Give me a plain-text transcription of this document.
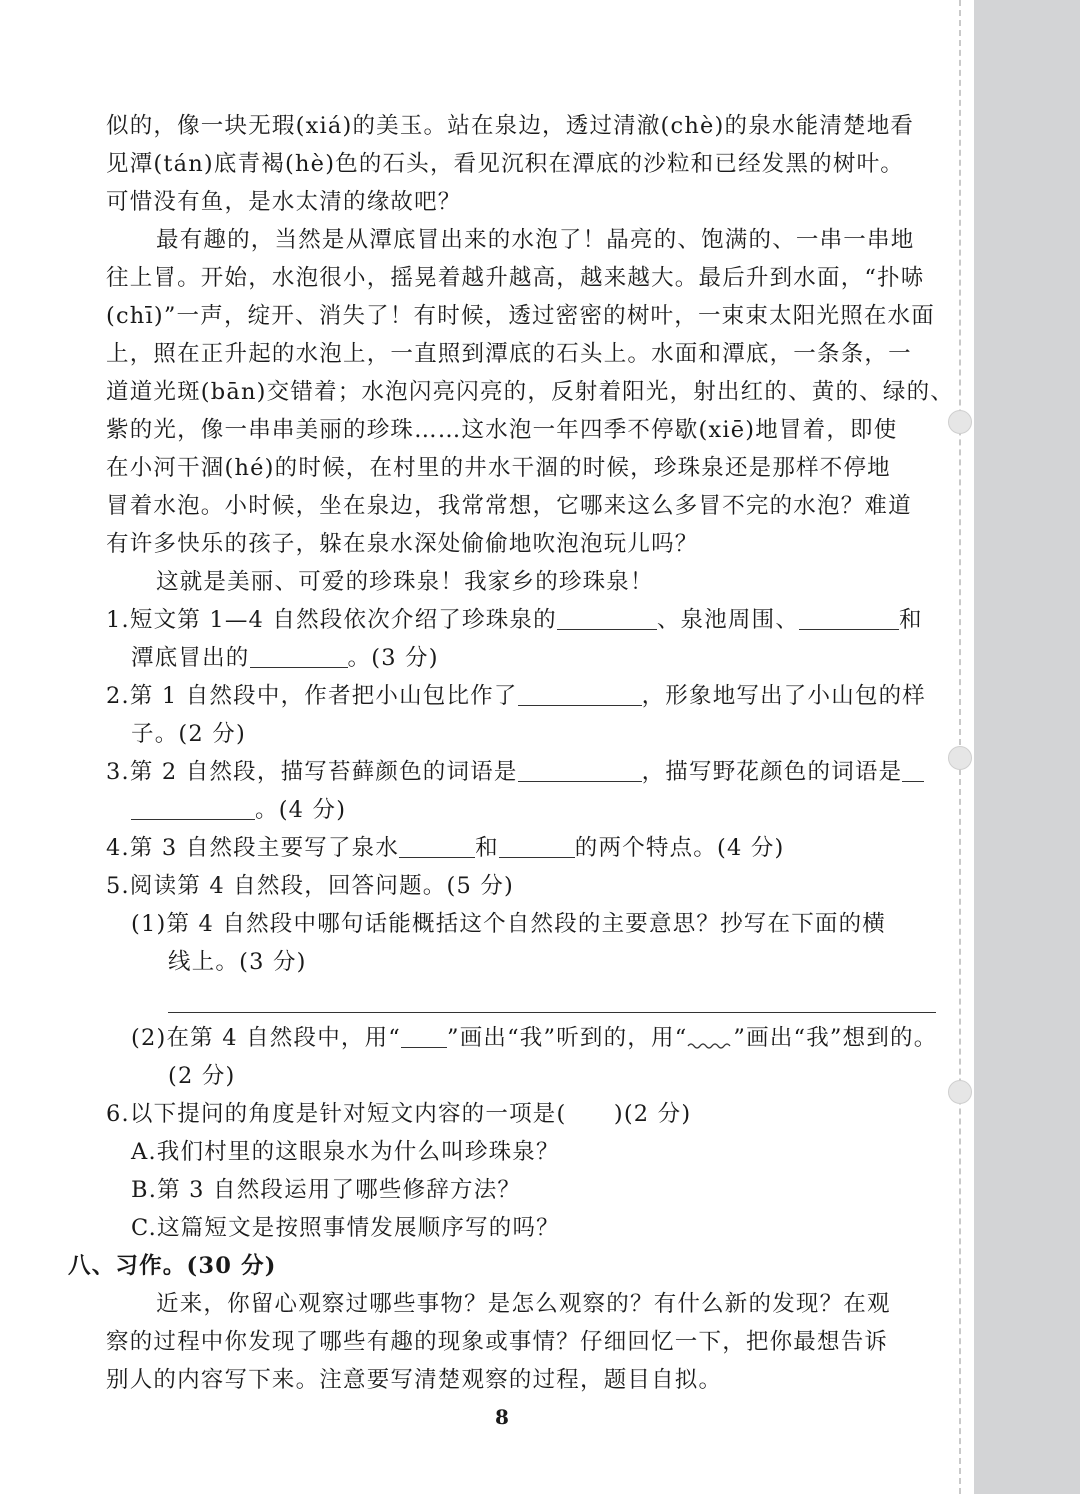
似的，像一块无瑕(xiá)的美玉。站在泉边，透过清澈(chè)的泉水能清楚地看
见潭(tán)底青褐(hè)色的石头，看见沉积在潭底的沙粒和已经发黑的树叶。
可惜没有鱼，是水太清的缘故吧？
最有趣的，当然是从潭底冒出来的水泡了！晶亮的、饱满的、一串一串地
往上冒。开始，水泡很小，摇晃着越升越高，越来越大。最后升到水面，“扑哧
(chī)”一声，绽开、消失了！有时候，透过密密的树叶，一束束太阳光照在水面
上，照在正升起的水泡上，一直照到潭底的石头上。水面和潭底，一条条，一
道道光斑(bān)交错着；水泡闪亮闪亮的，反射着阳光，射出红的、黄的、绿的、
紫的光，像一串串美丽的珍珠……这水泡一年四季不停歇(xiē)地冒着，即使
在小河干涸(hé)的时候，在村里的井水干涸的时候，珍珠泉还是那样不停地
冒着水泡。小时候，坐在泉边，我常常想，它哪来这么多冒不完的水泡？难道
有许多快乐的孩子，躲在泉水深处偷偷地吹泡泡玩儿吗？
这就是美丽、可爱的珍珠泉！我家乡的珍珠泉！
1.短文第 1—4 自然段依次介绍了珍珠泉的	、泉池周围、	和
潭底冒出的	。(3 分)
2.第 1 自然段中，作者把小山包比作了	，形象地写出了小山包的样
子。(2 分)
3.第 2 自然段，描写苔藓颜色的词语是	，描写野花颜色的词语是
。(4 分)
4.第 3 自然段主要写了泉水	和	的两个特点。(4 分)
5.阅读第 4 自然段，回答问题。(5 分)
(1)第 4 自然段中哪句话能概括这个自然段的主要意思？抄写在下面的横
线上。(3 分)
(2)在第 4 自然段中，用“ ”画出“我”听到的，用“ ”画出“我”想到的。
(2 分)
6.以下提问的角度是针对短文内容的一项是(　　)(2 分)
A.我们村里的这眼泉水为什么叫珍珠泉？
B.第 3 自然段运用了哪些修辞方法？
C.这篇短文是按照事情发展顺序写的吗？
八、习作。(30 分)
近来，你留心观察过哪些事物？是怎么观察的？有什么新的发现？在观
察的过程中你发现了哪些有趣的现象或事情？仔细回忆一下，把你最想告诉
别人的内容写下来。注意要写清楚观察的过程，题目自拟。
8
